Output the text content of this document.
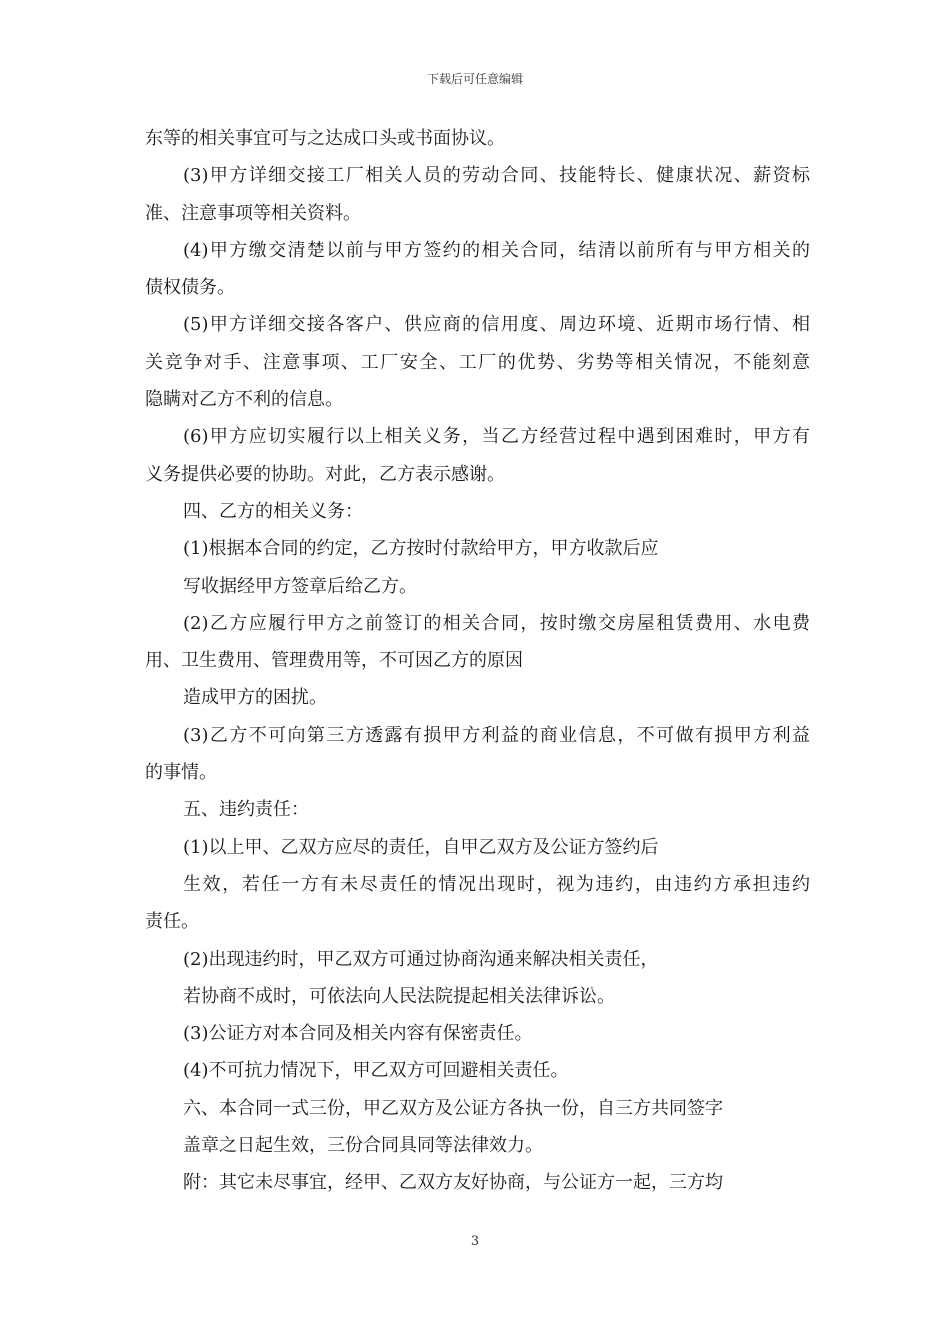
下载后可任意编辑
东等的相关事宜可与之达成口头或书面协议。
(3)甲方详细交接工厂相关人员的劳动合同、技能特长、健康状况、薪资标
准、注意事项等相关资料。
(4)甲方缴交清楚以前与甲方签约的相关合同，结清以前所有与甲方相关的
债权债务。
(5)甲方详细交接各客户、供应商的信用度、周边环境、近期市场行情、相
关竞争对手、注意事项、工厂安全、工厂的优势、劣势等相关情况，不能刻意
隐瞒对乙方不利的信息。
(6)甲方应切实履行以上相关义务，当乙方经营过程中遇到困难时，甲方有
义务提供必要的协助。对此，乙方表示感谢。
四、乙方的相关义务：
(1)根据本合同的约定，乙方按时付款给甲方，甲方收款后应
写收据经甲方签章后给乙方。
(2)乙方应履行甲方之前签订的相关合同，按时缴交房屋租赁费用、水电费
用、卫生费用、管理费用等，不可因乙方的原因
造成甲方的困扰。
(3)乙方不可向第三方透露有损甲方利益的商业信息，不可做有损甲方利益
的事情。
五、违约责任：
(1)以上甲、乙双方应尽的责任，自甲乙双方及公证方签约后
生效，若任一方有未尽责任的情况出现时，视为违约，由违约方承担违约
责任。
(2)出现违约时，甲乙双方可通过协商沟通来解决相关责任，
若协商不成时，可依法向人民法院提起相关法律诉讼。
(3)公证方对本合同及相关内容有保密责任。
(4)不可抗力情况下，甲乙双方可回避相关责任。
六、本合同一式三份，甲乙双方及公证方各执一份，自三方共同签字
盖章之日起生效，三份合同具同等法律效力。
附：其它未尽事宜，经甲、乙双方友好协商，与公证方一起，三方均
3
